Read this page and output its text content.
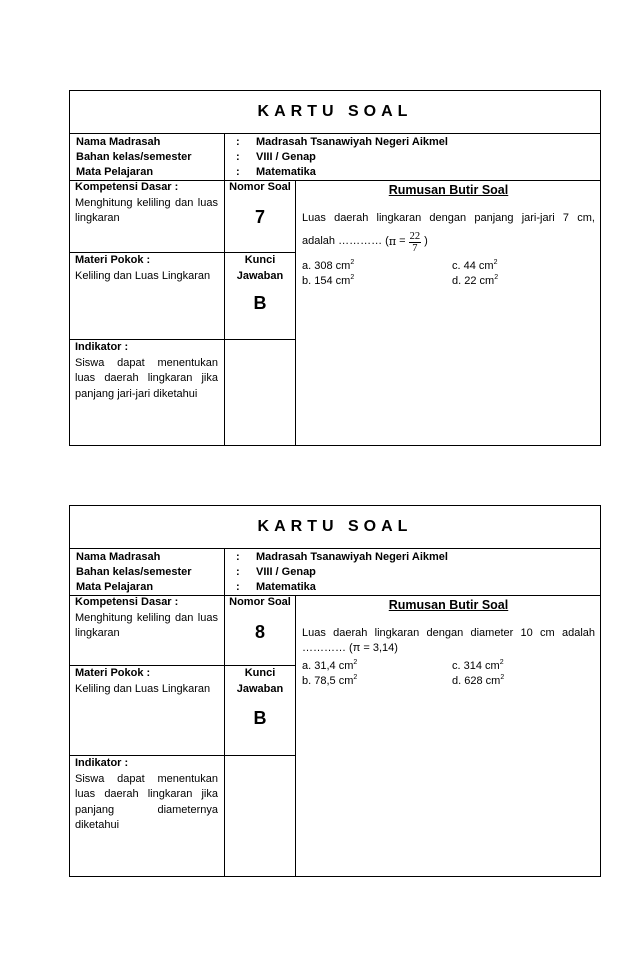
KARTU SOAL
Nama Madrasah	: Madrasah Tsanawiyah Negeri Aikmel
Bahan kelas/semester	: VIII / Genap
Mata Pelajaran	: Matematika
Kompetensi Dasar :
Menghitung keliling dan luas lingkaran
Materi Pokok :
Keliling dan Luas Lingkaran
Indikator :
Siswa dapat menentukan luas daerah lingkaran jika panjang jari-jari diketahui
Nomor Soal
7
Kunci
Jawaban
B
Rumusan Butir Soal
Luas daerah lingkaran dengan panjang jari-jari 7 cm,
adalah ………… ( $\pi = \frac{22}{7}$ )
a. 308 $cm^2$	c. 44 $cm^2$
b. 154 $cm^2$	d. 22 $cm^2$
KARTU SOAL
Nama Madrasah	: Madrasah Tsanawiyah Negeri Aikmel
Bahan kelas/semester	: VIII / Genap
Mata Pelajaran	: Matematika
Kompetensi Dasar :
Menghitung keliling dan luas lingkaran
Materi Pokok :
Keliling dan Luas Lingkaran
Indikator :
Siswa dapat menentukan luas daerah lingkaran jika panjang diameternya diketahui
Nomor Soal
8
Kunci
Jawaban
B
Rumusan Butir Soal
Luas daerah lingkaran dengan diameter 10 cm adalah
………… (π = 3,14)
a. 31,4 $cm^2$	c. 314 $cm^2$
b. 78,5 $cm^2$	d. 628 $cm^2$
